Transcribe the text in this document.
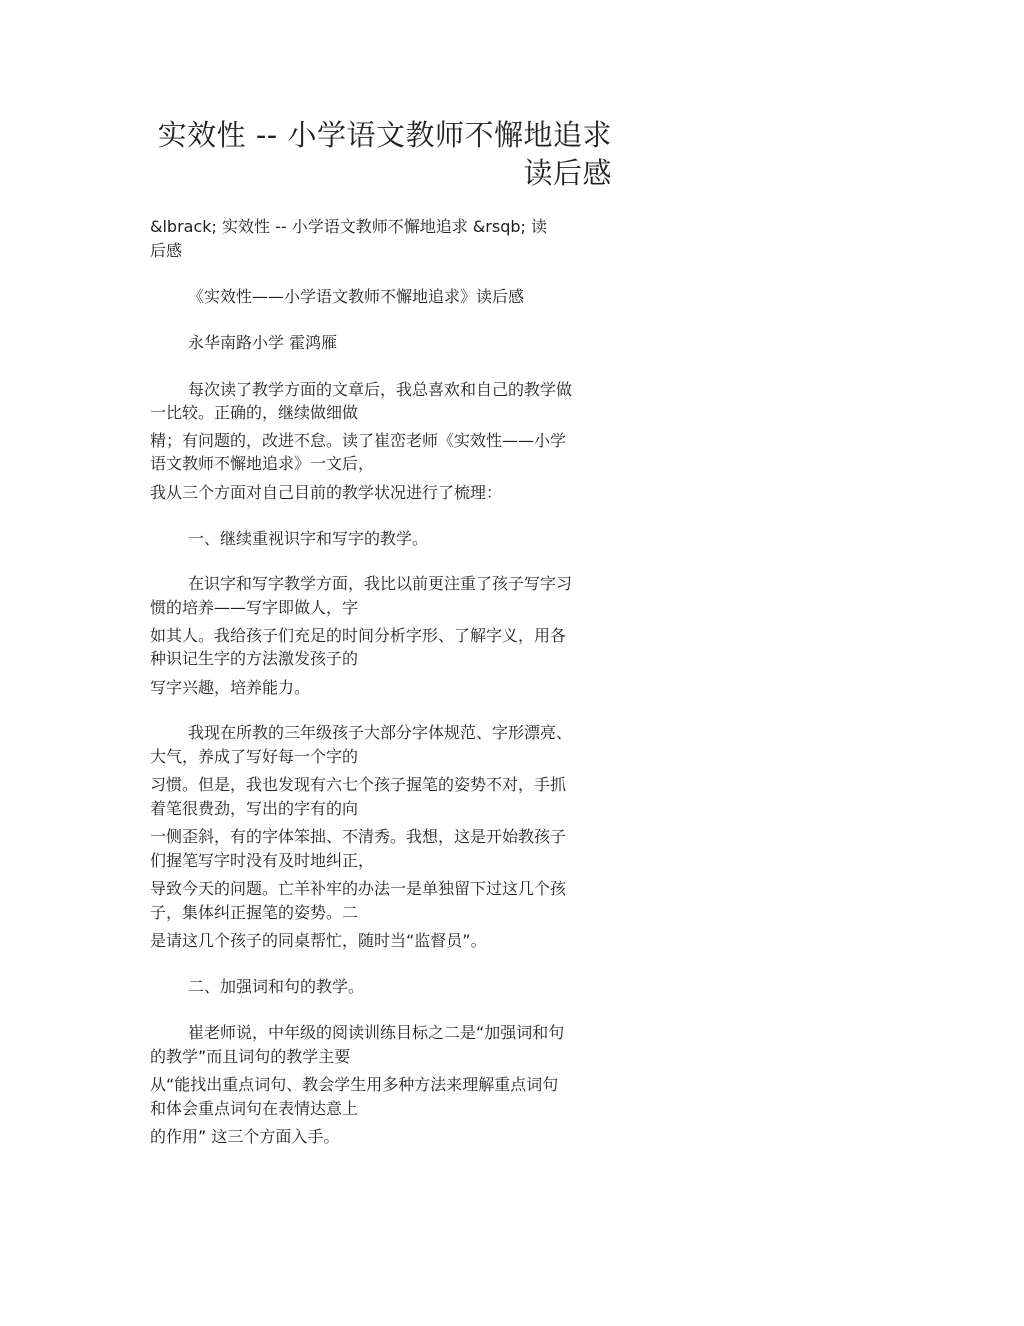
实效性 -- 小学语文教师不懈地追求
读后感
&lbrack; 实效性 -- 小学语文教师不懈地追求 &rsqb; 读
后感
《实效性——小学语文教师不懈地追求》读后感
永华南路小学 霍鸿雁
每次读了教学方面的文章后，我总喜欢和自己的教学做
一比较。正确的，继续做细做
精；有问题的，改进不怠。读了崔峦老师《实效性——小学
语文教师不懈地追求》一文后，
我从三个方面对自己目前的教学状况进行了梳理：
一、继续重视识字和写字的教学。
在识字和写字教学方面，我比以前更注重了孩子写字习
惯的培养——写字即做人，字
如其人。我给孩子们充足的时间分析字形、了解字义，用各
种识记生字的方法激发孩子的
写字兴趣，培养能力。
我现在所教的三年级孩子大部分字体规范、字形漂亮、
大气，养成了写好每一个字的
习惯。但是，我也发现有六七个孩子握笔的姿势不对，手抓
着笔很费劲，写出的字有的向
一侧歪斜，有的字体笨拙、不清秀。我想，这是开始教孩子
们握笔写字时没有及时地纠正，
导致今天的问题。亡羊补牢的办法一是单独留下过这几个孩
子，集体纠正握笔的姿势。二
是请这几个孩子的同桌帮忙，随时当“监督员”。
二、加强词和句的教学。
崔老师说，中年级的阅读训练目标之二是“加强词和句
的教学”而且词句的教学主要
从“能找出重点词句、教会学生用多种方法来理解重点词句
和体会重点词句在表情达意上
的作用” 这三个方面入手。
